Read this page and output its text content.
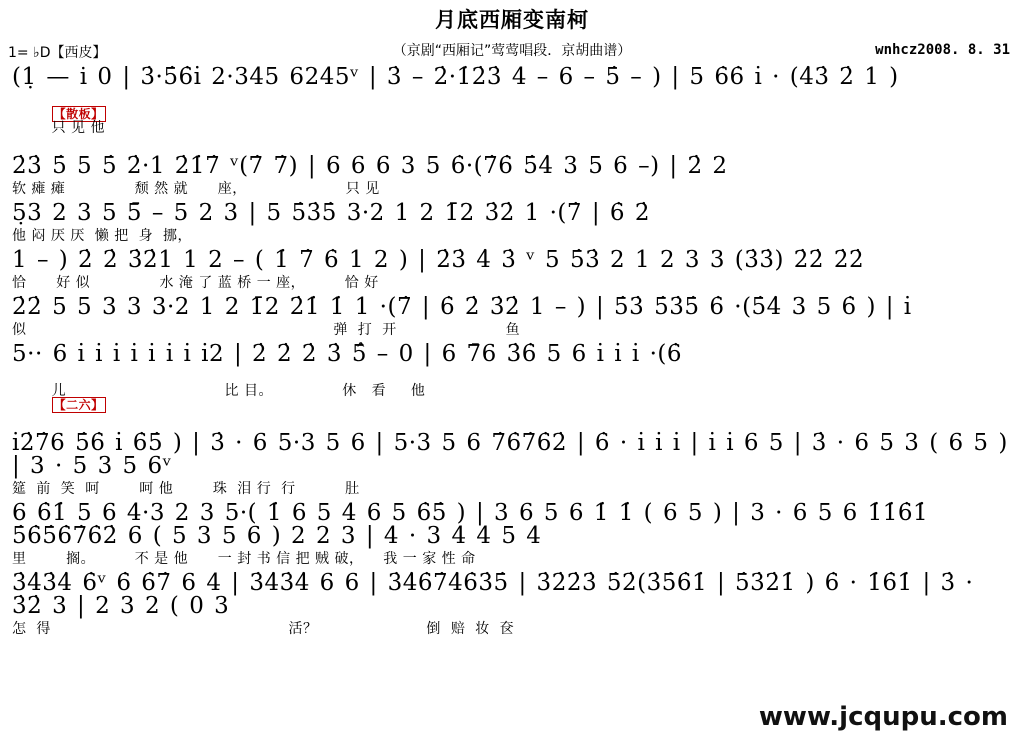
月底西厢变南柯
（京剧“西厢记”莺莺唱段．京胡曲谱）
1= ♭D【西皮】	wnhcz2008. 8. 31
(1̣ — i 0 | 3̇·5̇6̇i̇ 2·345 6245ᵛ | 3̇ – 2̇·1̇2̇3̇ 4 – 6 – 5̇ – ) | 5 6̇6̇ i̇ · (4̇3̇ 2̇ 1 )

【散板】
只 见 他

2̇3̇ 5̇ 5 5̇ 2̇·1 2̇1̇7̇ ᵛ(7̇ 7̇) | 6 6 6 3 5 6̇·(7̇6̇ 5̇4̇ 3 5 6 –) | 2̇ 2
软 瘫 瘫              颓 然 就      座，                    只 见
5̣3 2 3 5 5̄ – 5 2 3 | 5 5̇3̇5̇ 3·2 1 2 1̄2 3̇2̇ 1 ·(7̇ | 6̇ 2̇
他 闷 厌 厌  懒 把  身  挪，
1 – ) 2̇ 2̇ 3̇2̇1 1 2 – ( 1̇ 7̇ 6̇ 1 2 ) | 2̇3̇ 4̇ 3̇ ᵛ 5 5̇3̇ 2 1 2 3 3 (3̇3̇) 2̇2̇ 2̇2̇
恰      好 似              水 淹 了 蓝 桥 一 座，        恰 好
2̇2̇ 5 5 3 3 3·2 1 2 1̄2 2̇1̇ 1̇ 1 ·(7̇ | 6̇ 2̇ 3̇2̇ 1 – ) | 5̇3̇ 5̇3̇5̇ 6̇ ·(5̇4̇ 3 5 6̇ ) | i̇
似                                                              弹  打  开                      鱼
5·· 6 i̇ i̇ i̇ i̇ i̇ i̇ i̇ i̇2 | 2̇ 2̇ 2̇ 3̇ 5̂ – 0 | 6 7̄6 3̇6̇ 5 6 i̇ i̇ i̇ ·(6̇

儿                                比 目。              休   看     他
【二六】

i̇2̇7̇6 5̇6̇ i̇ 6̇5̇ ) | 3̇ · 6 5·3 5 6 | 5·3 5 6 7̇6̇7̇6̇2̇ | 6̇ · i̇ i̇ i̇ | i̇ i̇ 6 5 | 3̇ · 6 5 3 ( 6 5 ) | 3 · 5 3 5 6ᵛ
筵  前  笑  呵        呵 他        珠  泪 行  行          肚
6 6̇1̇ 5 6 4·3 2 3 5·( 1̇ 6 5 4 6 5 6̇5̇ ) | 3 6 5 6 1̇ 1̇ ( 6 5 ) | 3 · 6 5 6 1̇1̇6̇1̇ 5̇6̇5̇6̇7̇6̇2̇ 6 ( 5 3 5 6 ) 2 2 3 | 4 · 3 4 4 5 4
里        搁。        不 是 他      一 封 书 信 把 贼 破，    我 一 家 性 命
3̇4̇3̇4̇ 6̇ᵛ 6̇ 6̇7̇ 6 4 | 3̇4̇3̇4̇ 6 6 | 3̇4̇6̇7̇4̇6̇3̇5̇ | 3̇2̇2̇3̇ 5̇2̇(3̇5̇6̇1̇ | 5̇3̇2̇1̇ ) 6̇ · 1̇6̇1̇ | 3̇ · 3̇2̇ 3 | 2 3 2 ( 0 3
怎  得                                                活？                      倒  赔  妆  奁
www.jcqupu.com
